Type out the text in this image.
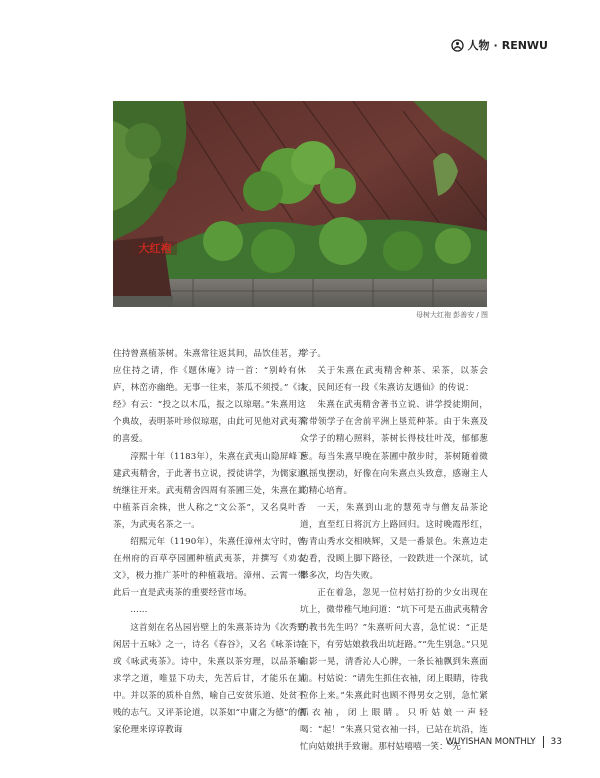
人物 · RENWU
大红袍
母树大红袍 彭善安 / 图

住持曾熹植茶树。朱熹常往返其间，品饮佳茗，并应住持之请，作《题休庵》诗一首：“别岭有休庐，林峦亦幽绝。无事一往来，茶瓜不须授。”《诗经》有云：“投之以木瓜，报之以琼琚。”朱熹用这个典故，表明茶叶珍似琼琚，由此可见他对武夷茶的喜爱。

淳熙十年（1183年），朱熹在武夷山隐屏峰下建武夷精舍，于此著书立说，授徒讲学，为儒家道统继往开来。武夷精舍四周有茶圃三处，朱熹在其中植茶百余株，世人称之“文公茶”，又名臭叶香茶，为武夷名茶之一。

绍熙元年（1190年），朱熹任漳州太守时，曾在州府的百草亭园圃种植武夷茶，并撰写《劝农文》，极力推广茶叶的种植栽培。漳州、云霄一带此后一直是武夷茶的重要经营市场。

……

这首刻在名丛园岩壁上的朱熹茶诗为《次秀野闲居十五咏》之一，诗名《春谷》，又名《咏茶诗》或《咏武夷茶》。诗中，朱熹以茶穷理，以品茶喻求学之道，唯显下功夫，先苦后甘，才能乐在其中。并以茶的质朴自然，喻自己安贫乐道、处贫不贱的志气。又评茶论道，以茶如“中庸之为德”的儒家伦理来谆谆教诲

学子。

关于朱熹在武夷精舍种茶、采茶，以茶会友，民间还有一段《朱熹访友遇仙》的传说：

朱熹在武夷精舍著书立说、讲学授徒期间，常带领学子在舍前平洲上垦荒种茶。由于朱熹及众学子的精心照料，茶树长得枝壮叶茂，郁郁葱葱。每当朱熹早晚在茶圃中散步时，茶树随着微风摇曳摆动，好像在向朱熹点头致意，感谢主人的精心培育。

一天，朱熹到山北的慧苑寺与僧友品茶论道，直至红日将沉方上路回归。这时晚霞彤红，与青山秀水交相映辉，又是一番景色。朱熹边走边看，没顾上脚下路径，一跤跌进一个深坑，试攀多次，均告失败。

正在着急，忽见一位村姑打扮的少女出现在坑上，微带稚气地问道：“坑下可是五曲武夷精舍的教书先生吗？”朱熹听问大喜，急忙说：“正是在下，有劳姑娘救我出坑赶路。”“先生别急。”只见白影一晃，清香沁人心脾，一条长袖飘到朱熹面前。村姑说：“请先生抓住衣袖，闭上眼睛，待我拉你上来。”朱熹此时也顾不得男女之别，急忙紧抓衣袖，闭上眼睛。只听姑娘一声轻喝：“起！”朱熹只觉衣袖一抖，已站在坑沿，连忙向姑娘拱手致谢。那村姑嘻嘻一笑：“先

WUYISHAN MONTHLY 33
